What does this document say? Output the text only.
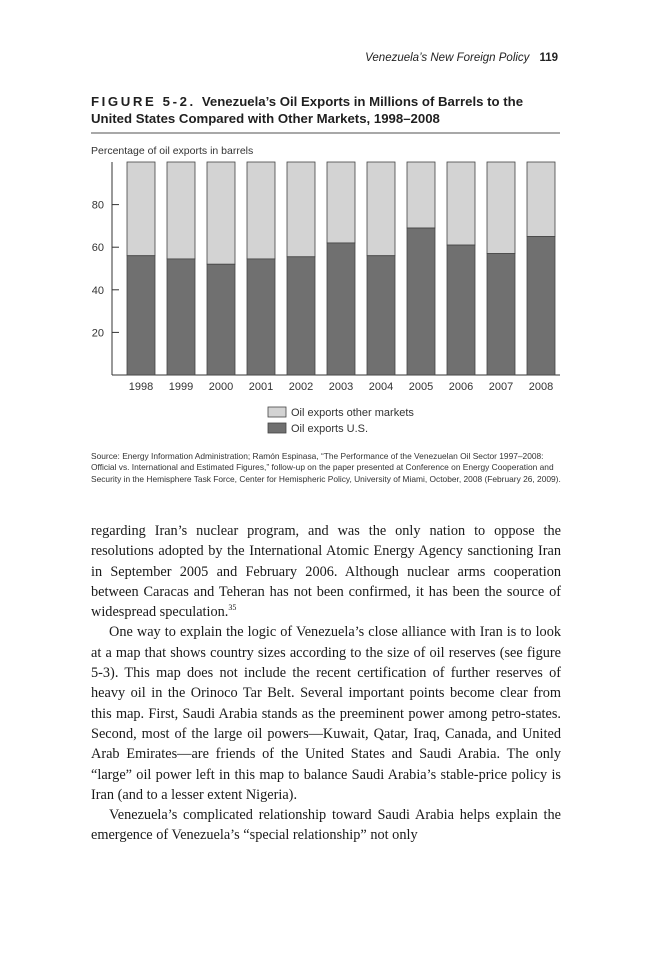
Venezuela’s New Foreign Policy 119
FIGURE 5-2. Venezuela’s Oil Exports in Millions of Barrels to the United States Compared with Other Markets, 1998–2008
Percentage of oil exports in barrels
20
40
60
80
1998 1999 2000 2001 2002 2003 2004 2005 2006 2007 2008
Oil exports other markets
Oil exports U.S.
Source: Energy Information Administration; Ramón Espinasa, “The Performance of the Venezuelan Oil Sector 1997–2008: Official vs. International and Estimated Figures,” follow-up on the paper presented at Conference on Energy Cooperation and Security in the Hemisphere Task Force, Center for Hemispheric Policy, University of Miami, October, 2008 (February 26, 2009).

regarding Iran’s nuclear program, and was the only nation to oppose the resolutions adopted by the International Atomic Energy Agency sanctioning Iran in September 2005 and February 2006. Although nuclear arms cooperation between Caracas and Teheran has not been confirmed, it has been the source of widespread speculation.$^{35}$

One way to explain the logic of Venezuela’s close alliance with Iran is to look at a map that shows country sizes according to the size of oil reserves (see figure 5-3). This map does not include the recent certification of further reserves of heavy oil in the Orinoco Tar Belt. Several important points become clear from this map. First, Saudi Arabia stands as the preeminent power among petro-states. Second, most of the large oil powers—Kuwait, Qatar, Iraq, Canada, and United Arab Emirates—are friends of the United States and Saudi Arabia. The only “large” oil power left in this map to balance Saudi Arabia’s stable-price policy is Iran (and to a lesser extent Nigeria).

Venezuela’s complicated relationship toward Saudi Arabia helps explain the emergence of Venezuela’s “special relationship” not only
